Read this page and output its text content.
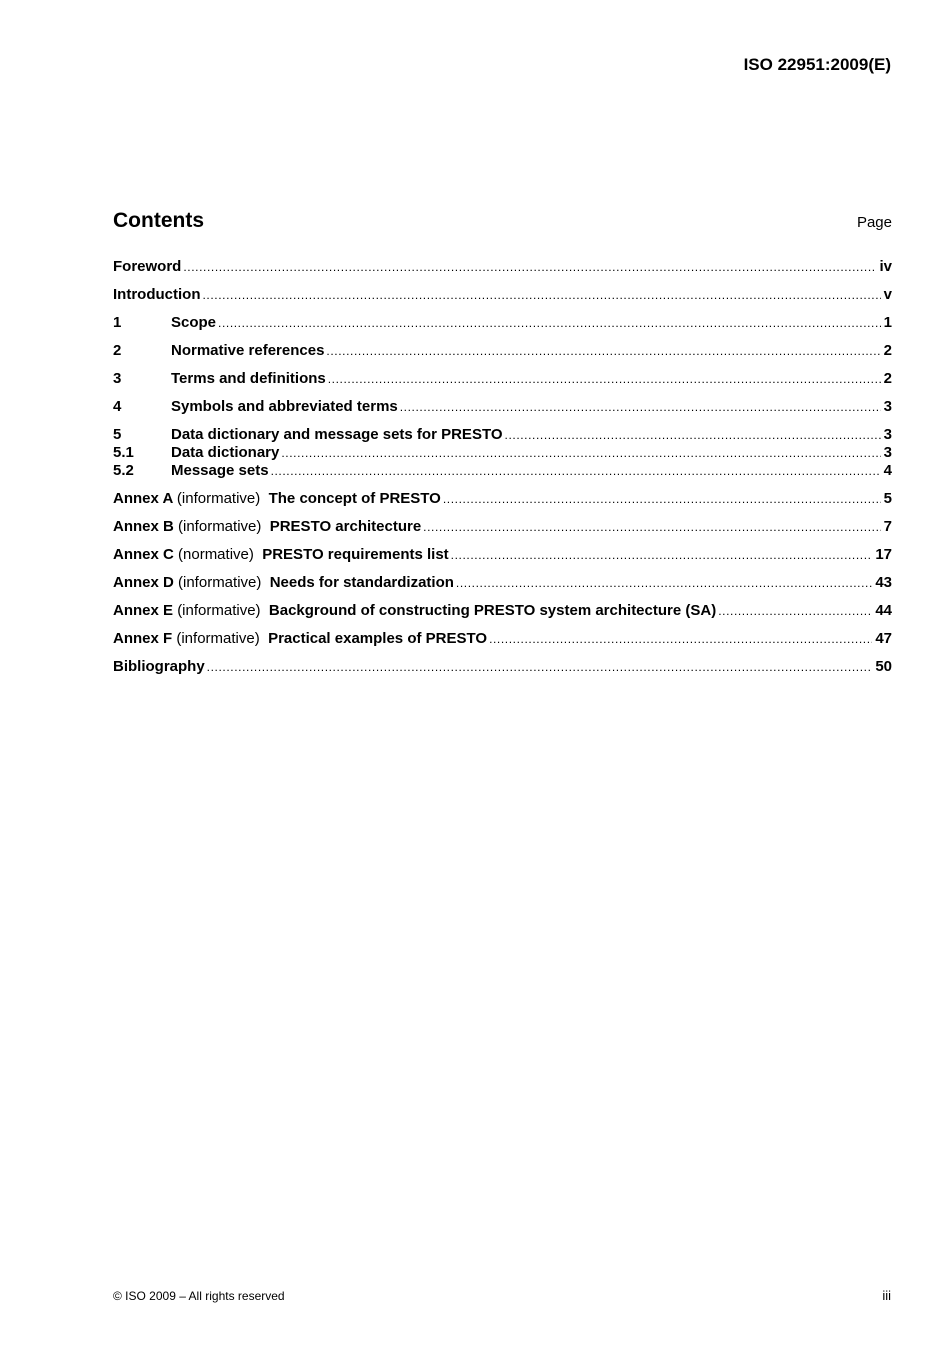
ISO 22951:2009(E)
Contents	Page
Foreword .....	iv
Introduction .....	v
1	Scope .....	1
2	Normative references .....	2
3	Terms and definitions .....	2
4	Symbols and abbreviated terms .....	3
5	Data dictionary and message sets for PRESTO .....	3
5.1	Data dictionary .....	3
5.2	Message sets .....	4
Annex A (informative) The concept of PRESTO .....	5
Annex B (informative) PRESTO architecture .....	7
Annex C (normative) PRESTO requirements list .....	17
Annex D (informative) Needs for standardization .....	43
Annex E (informative) Background of constructing PRESTO system architecture (SA) .....	44
Annex F (informative) Practical examples of PRESTO .....	47
Bibliography .....	50
© ISO 2009 – All rights reserved	iii
